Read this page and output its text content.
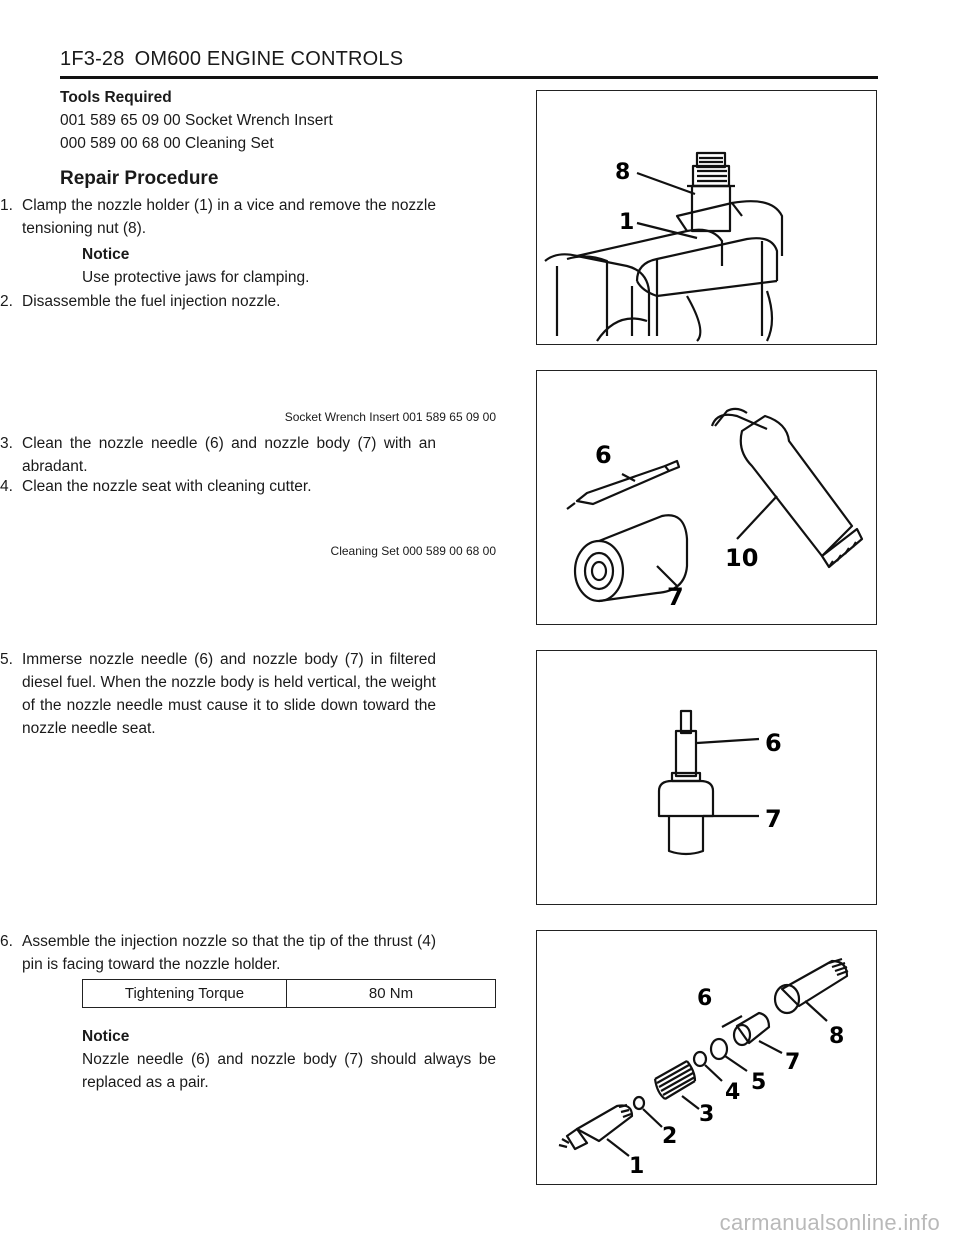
1F3-28 OM600 ENGINE CONTROLS
Tools Required
001 589 65 09 00 Socket Wrench Insert
000 589 00 68 00 Cleaning Set
Repair Procedure
1. Clamp the nozzle holder (1) in a vice and remove the nozzle tensioning nut (8).
Notice
Use protective jaws for clamping.
2. Disassemble the fuel injection nozzle.
Socket Wrench Insert 001 589 65 09 00
3. Clean the nozzle needle (6) and nozzle body (7) with an abradant.
4. Clean the nozzle seat with cleaning cutter.
Cleaning Set 000 589 00 68 00
5. Immerse nozzle needle (6) and nozzle body (7) in filtered diesel fuel. When the nozzle body is held vertical, the weight of the nozzle needle must cause it to slide down toward the nozzle needle seat.
6. Assemble the injection nozzle so that the tip of the thrust (4) pin is facing toward the nozzle holder.
Tightening Torque	80 Nm
Notice
Nozzle needle (6) and nozzle body (7) should always be replaced as a pair.
8
1
6
10
7
6
7
6
8
7
5
4
3
2
1
carmanualsonline.info
